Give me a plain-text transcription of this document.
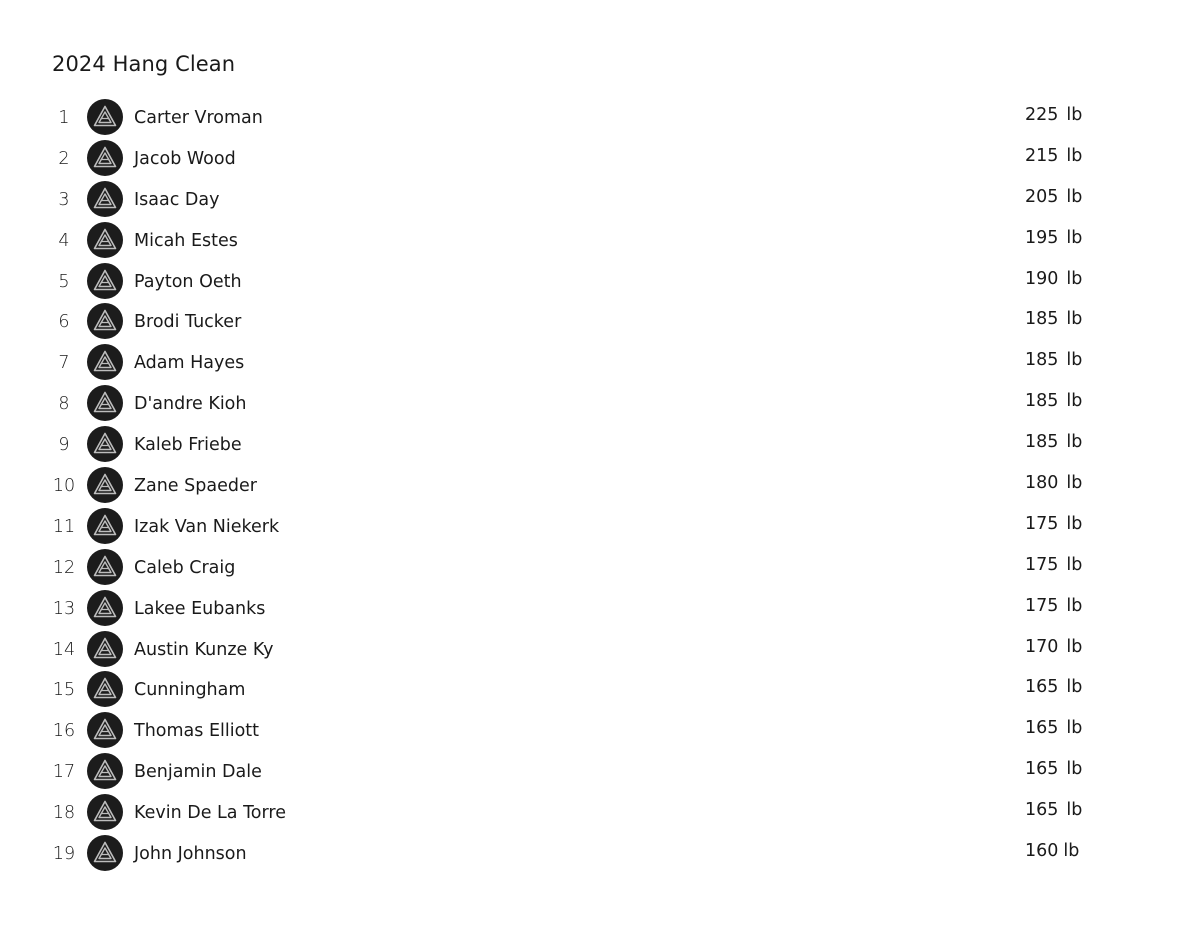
2024 Hang Clean
1	Carter Vroman	225 lb
2	Jacob Wood	215 lb
3	Isaac Day	205 lb
4	Micah Estes	195 lb
5	Payton Oeth	190 lb
6	Brodi Tucker	185 lb
7	Adam Hayes	185 lb
8	D'andre Kioh	185 lb
9	Kaleb Friebe	185 lb
10	Zane Spaeder	180 lb
11	Izak Van Niekerk	175 lb
12	Caleb Craig	175 lb
13	Lakee Eubanks	175 lb
14	Austin Kunze Ky	170 lb
15	Cunningham	165 lb
16	Thomas Elliott	165 lb
17	Benjamin Dale	165 lb
18	Kevin De La Torre	165 lb
19	John Johnson	160 lb
